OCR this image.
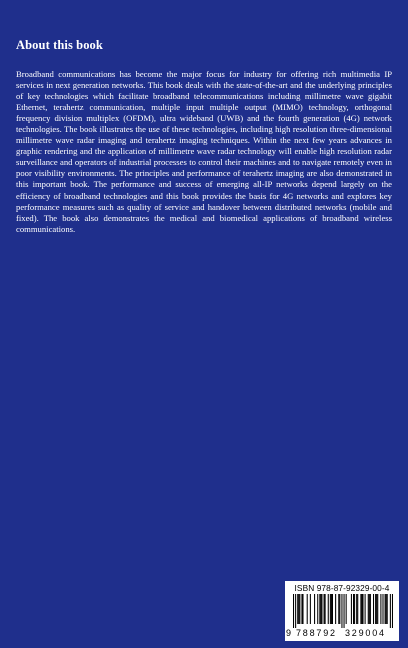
About this book

Broadband communications has become the major focus for industry for offering rich multimedia IP services in next generation networks. This book deals with the state-of-the-art and the underlying principles of key technologies which facilitate broadband telecommunications including millimetre wave gigabit Ethernet, terahertz communication, multiple input multiple output (MIMO) technology, orthogonal frequency division multiplex (OFDM), ultra wideband (UWB) and the fourth generation (4G) network technologies. The book illustrates the use of these technologies, including high resolution three-dimensional millimetre wave radar imaging and terahertz imaging techniques. Within the next few years advances in graphic rendering and the application of millimetre wave radar technology will enable high resolution radar surveillance and operators of industrial processes to control their machines and to navigate remotely even in poor visibility environments. The principles and performance of terahertz imaging are also demonstrated in this important book. The performance and success of emerging all-IP networks depend largely on the efficiency of broadband technologies and this book provides the basis for 4G networks and explores key performance measures such as quality of service and handover between distributed networks (mobile and fixed). The book also demonstrates the medical and biomedical applications of broadband wireless communications.

ISBN 978-87-92329-00-4
9 788792 329004
